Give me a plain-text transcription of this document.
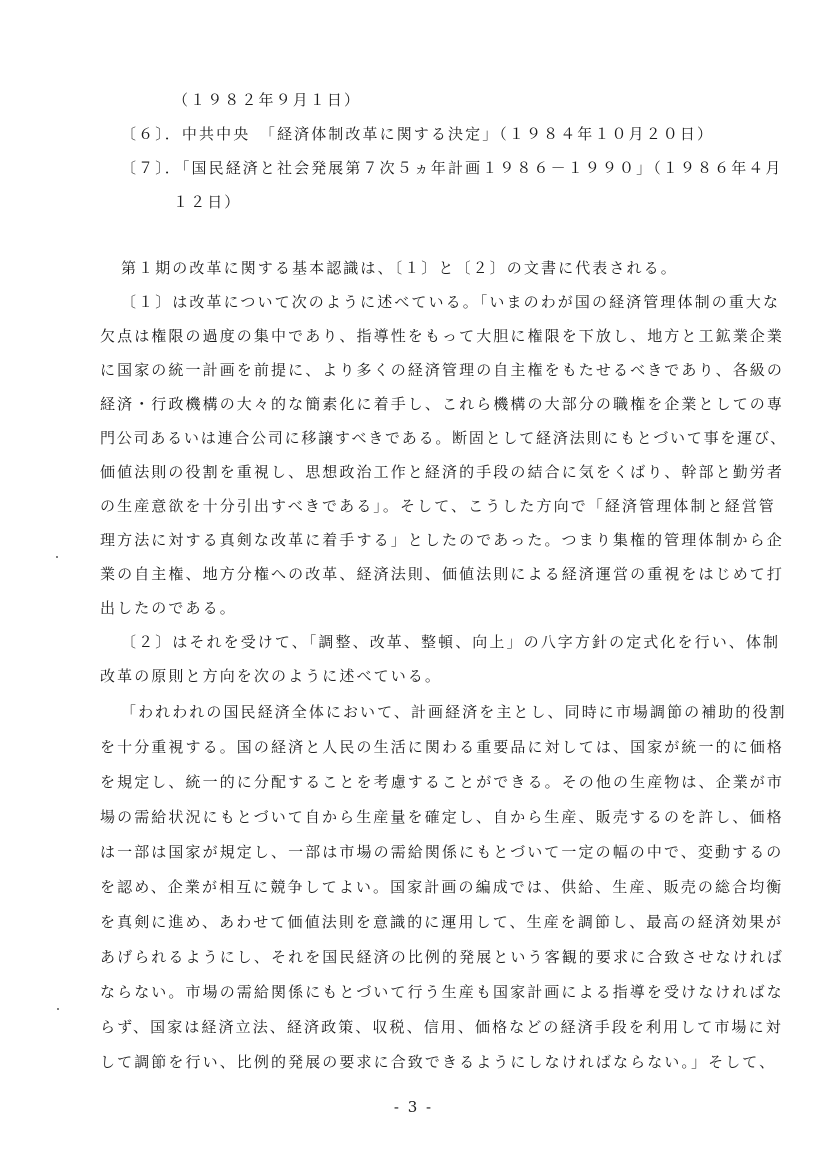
（１９８２年９月１日）
〔６〕．中共中央　「経済体制改革に関する決定」（１９８４年１０月２０日）
〔７〕．「国民経済と社会発展第７次５ヵ年計画１９８６－１９９０」（１９８６年４月
１２日）
第１期の改革に関する基本認識は、〔１〕と〔２〕の文書に代表される。
〔１〕は改革について次のように述べている。「いまのわが国の経済管理体制の重大な
欠点は権限の過度の集中であり、指導性をもって大胆に権限を下放し、地方と工鉱業企業
に国家の統一計画を前提に、より多くの経済管理の自主権をもたせるべきであり、各級の
経済・行政機構の大々的な簡素化に着手し、これら機構の大部分の職権を企業としての専
門公司あるいは連合公司に移譲すべきである。断固として経済法則にもとづいて事を運び、
価値法則の役割を重視し、思想政治工作と経済的手段の結合に気をくばり、幹部と勤労者
の生産意欲を十分引出すべきである」。そして、こうした方向で「経済管理体制と経営管
理方法に対する真剣な改革に着手する」としたのであった。つまり集権的管理体制から企
業の自主権、地方分権への改革、経済法則、価値法則による経済運営の重視をはじめて打
出したのである。
〔２〕はそれを受けて、「調整、改革、整頓、向上」の八字方針の定式化を行い、体制
改革の原則と方向を次のように述べている。
「われわれの国民経済全体において、計画経済を主とし、同時に市場調節の補助的役割
を十分重視する。国の経済と人民の生活に関わる重要品に対しては、国家が統一的に価格
を規定し、統一的に分配することを考慮することができる。その他の生産物は、企業が市
場の需給状況にもとづいて自から生産量を確定し、自から生産、販売するのを許し、価格
は一部は国家が規定し、一部は市場の需給関係にもとづいて一定の幅の中で、変動するの
を認め、企業が相互に競争してよい。国家計画の編成では、供給、生産、販売の総合均衡
を真剣に進め、あわせて価値法則を意識的に運用して、生産を調節し、最高の経済効果が
あげられるようにし、それを国民経済の比例的発展という客観的要求に合致させなければ
ならない。市場の需給関係にもとづいて行う生産も国家計画による指導を受けなければな
らず、国家は経済立法、経済政策、収税、信用、価格などの経済手段を利用して市場に対
して調節を行い、比例的発展の要求に合致できるようにしなければならない。」そして、
- 3 -
